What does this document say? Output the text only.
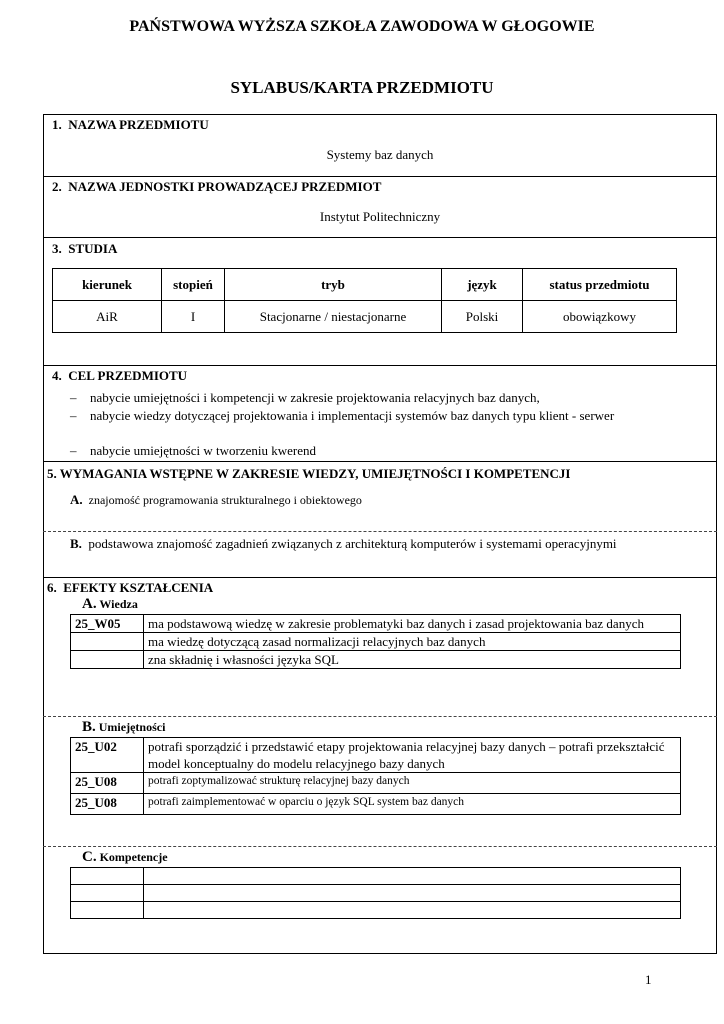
PAŃSTWOWA WYŻSZA SZKOŁA ZAWODOWA W GŁOGOWIE
SYLABUS/KARTA PRZEDMIOTU
1. NAZWA PRZEDMIOTU
Systemy baz danych
2. NAZWA JEDNOSTKI PROWADZĄCEJ PRZEDMIOT
Instytut Politechniczny
3. STUDIA
kierunek	stopień	tryb	język	status przedmiotu
AiR	I	Stacjonarne / niestacjonarne	Polski	obowiązkowy
4. CEL PRZEDMIOTU
– nabycie umiejętności i kompetencji w zakresie projektowania relacyjnych baz danych,
– nabycie wiedzy dotyczącej projektowania i implementacji systemów baz danych typu klient - serwer
– nabycie umiejętności w tworzeniu kwerend
5. WYMAGANIA WSTĘPNE W ZAKRESIE WIEDZY, UMIEJĘTNOŚCI I KOMPETENCJI
A. znajomość programowania strukturalnego i obiektowego
B. podstawowa znajomość zagadnień związanych z architekturą komputerów i systemami operacyjnymi
6. EFEKTY KSZTAŁCENIA
A. Wiedza
25_W05	ma podstawową wiedzę w zakresie problematyki baz danych i zasad projektowania baz danych
	ma wiedzę dotyczącą zasad normalizacji relacyjnych baz danych
	zna składnię i własności języka SQL
B. Umiejętności
25_U02	potrafi sporządzić i przedstawić etapy projektowania relacyjnej bazy danych – potrafi przekształcić model konceptualny do modelu relacyjnego bazy danych
25_U08	potrafi zoptymalizować strukturę relacyjnej bazy danych
25_U08	potrafi zaimplementować w oparciu o język SQL system baz danych
C. Kompetencje

1
